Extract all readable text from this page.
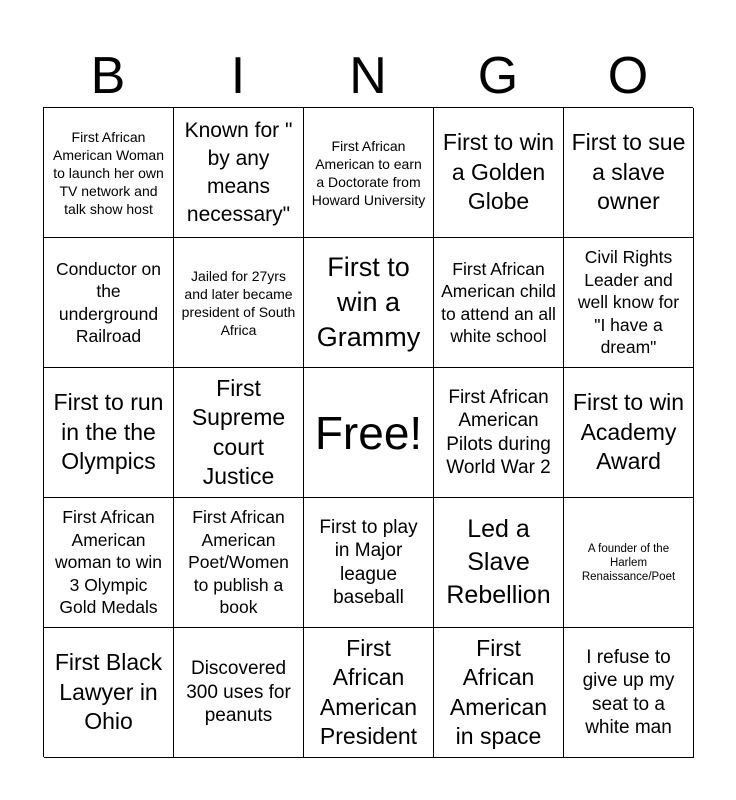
B	I	N	G	O
First African American Woman to launch her own TV network and talk show host
Known for " by any means necessary"
First African American to earn a Doctorate from Howard University
First to win a Golden Globe
First to sue a slave owner
Conductor on the underground Railroad
Jailed for 27yrs and later became president of South Africa
First to win a Grammy
First African American child to attend an all white school
Civil Rights Leader and well know for "I have a dream"
First to run in the the Olympics
First Supreme court Justice
Free!
First African American Pilots during World War 2
First to win Academy Award
First African American woman to win 3 Olympic Gold Medals
First African American Poet/Women to publish a book
First to play in Major league baseball
Led a Slave Rebellion
A founder of the Harlem Renaissance/Poet
First Black Lawyer in Ohio
Discovered 300 uses for peanuts
First African American President
First African American in space
I refuse to give up my seat to a white man
